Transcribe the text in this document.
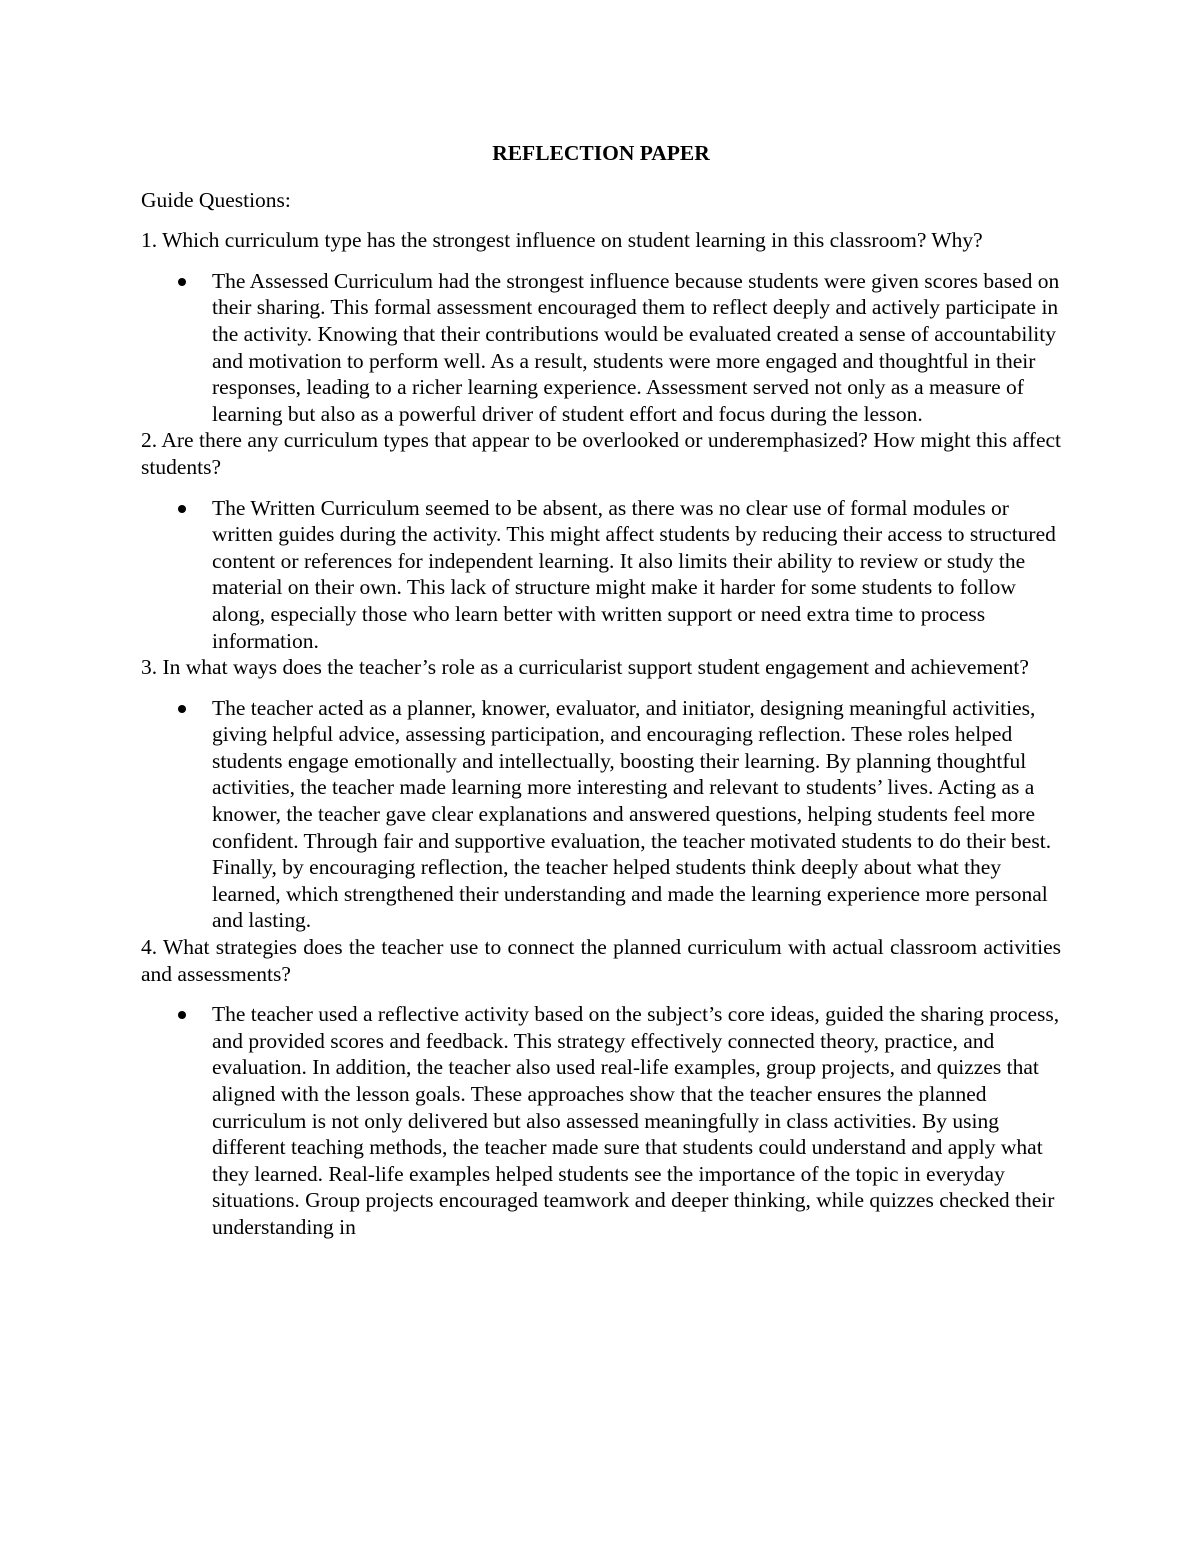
REFLECTION PAPER
Guide Questions:

1. Which curriculum type has the strongest influence on student learning in this classroom? Why?

The Assessed Curriculum had the strongest influence because students were given scores based on their sharing. This formal assessment encouraged them to reflect deeply and actively participate in the activity. Knowing that their contributions would be evaluated created a sense of accountability and motivation to perform well. As a result, students were more engaged and thoughtful in their responses, leading to a richer learning experience. Assessment served not only as a measure of learning but also as a powerful driver of student effort and focus during the lesson.

2. Are there any curriculum types that appear to be overlooked or underemphasized? How might this affect students?

The Written Curriculum seemed to be absent, as there was no clear use of formal modules or written guides during the activity. This might affect students by reducing their access to structured content or references for independent learning. It also limits their ability to review or study the material on their own. This lack of structure might make it harder for some students to follow along, especially those who learn better with written support or need extra time to process information.

3. In what ways does the teacher’s role as a curricularist support student engagement and achievement?

The teacher acted as a planner, knower, evaluator, and initiator, designing meaningful activities, giving helpful advice, assessing participation, and encouraging reflection. These roles helped students engage emotionally and intellectually, boosting their learning. By planning thoughtful activities, the teacher made learning more interesting and relevant to students’ lives. Acting as a knower, the teacher gave clear explanations and answered questions, helping students feel more confident. Through fair and supportive evaluation, the teacher motivated students to do their best. Finally, by encouraging reflection, the teacher helped students think deeply about what they learned, which strengthened their understanding and made the learning experience more personal and lasting.

4. What strategies does the teacher use to connect the planned curriculum with actual classroom activities and assessments?

The teacher used a reflective activity based on the subject’s core ideas, guided the sharing process, and provided scores and feedback. This strategy effectively connected theory, practice, and evaluation. In addition, the teacher also used real-life examples, group projects, and quizzes that aligned with the lesson goals. These approaches show that the teacher ensures the planned curriculum is not only delivered but also assessed meaningfully in class activities. By using different teaching methods, the teacher made sure that students could understand and apply what they learned. Real-life examples helped students see the importance of the topic in everyday situations. Group projects encouraged teamwork and deeper thinking, while quizzes checked their understanding in
